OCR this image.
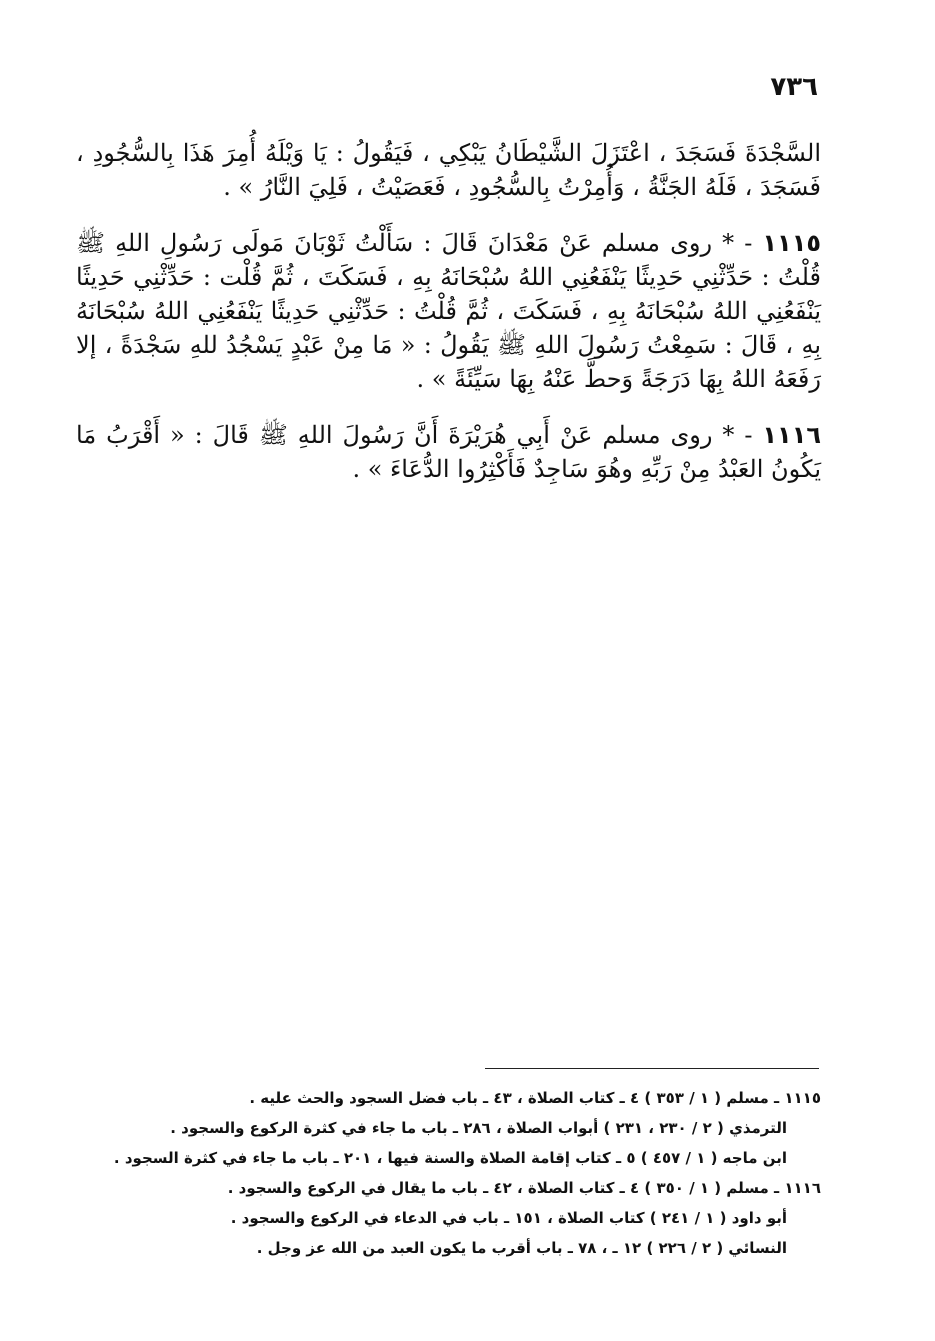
٧٣٦

السَّجْدَةَ فَسَجَدَ ، اعْتَزَلَ الشَّيْطَانُ يَبْكِي ، فَيَقُولُ : يَا وَيْلَهُ أُمِرَ هَذَا بِالسُّجُودِ ، فَسَجَدَ ، فَلَهُ الجَنَّةُ ، وَأُمِرْتُ بِالسُّجُودِ ، فَعَصَيْتُ ، فَلِيَ النَّارُ » .

١١١٥ - * روى مسلم عَنْ مَعْدَانَ قَالَ : سَأَلْتُ ثَوْبَانَ مَولَى رَسُولِ اللهِ ﷺ قُلْتُ : حَدِّثْنِي حَدِيثًا يَنْفَعُنِي اللهُ سُبْحَانَهُ بِهِ ، فَسَكَتَ ، ثُمَّ قُلْت : حَدِّثْنِي حَدِيثًا يَنْفَعُنِي اللهُ سُبْحَانَهُ بِهِ ، فَسَكَتَ ، ثُمَّ قُلْتُ : حَدِّثْنِي حَدِيثًا يَنْفَعُنِي اللهُ سُبْحَانَهُ بِهِ ، قَالَ : سَمِعْتُ رَسُولَ اللهِ ﷺ يَقُولُ : « مَا مِنْ عَبْدٍ يَسْجُدُ للهِ سَجْدَةً ، إلا رَفَعَهُ اللهُ بِهَا دَرَجَةً وَحطَّ عَنْهُ بِهَا سَيِّئَةً » .

١١١٦ - * روى مسلم عَنْ أَبِي هُرَيْرَةَ أَنَّ رَسُولَ اللهِ ﷺ قَالَ : « أَقْرَبُ مَا يَكُونُ العَبْدُ مِنْ رَبِّهِ وهُوَ سَاجِدٌ فَأَكْثِرُوا الدُّعَاءَ » .

١١١٥ ـ مسلم ( ١ / ٣٥٣ ) ٤ ـ كتاب الصلاة ، ٤٣ ـ باب فضل السجود والحث عليه .
الترمذي ( ٢ / ٢٣٠ ، ٢٣١ ) أبواب الصلاة ، ٢٨٦ ـ باب ما جاء في كثرة الركوع والسجود .
ابن ماجه ( ١ / ٤٥٧ ) ٥ ـ كتاب إقامة الصلاة والسنة فيها ، ٢٠١ ـ باب ما جاء في كثرة السجود .
١١١٦ ـ مسلم ( ١ / ٣٥٠ ) ٤ ـ كتاب الصلاة ، ٤٢ ـ باب ما يقال في الركوع والسجود .
أبو داود ( ١ / ٢٤١ ) كتاب الصلاة ، ١٥١ ـ باب في الدعاء في الركوع والسجود .
النسائي ( ٢ / ٢٢٦ ) ١٢ ـ ، ٧٨ ـ باب أقرب ما يكون العبد من الله عز وجل .
